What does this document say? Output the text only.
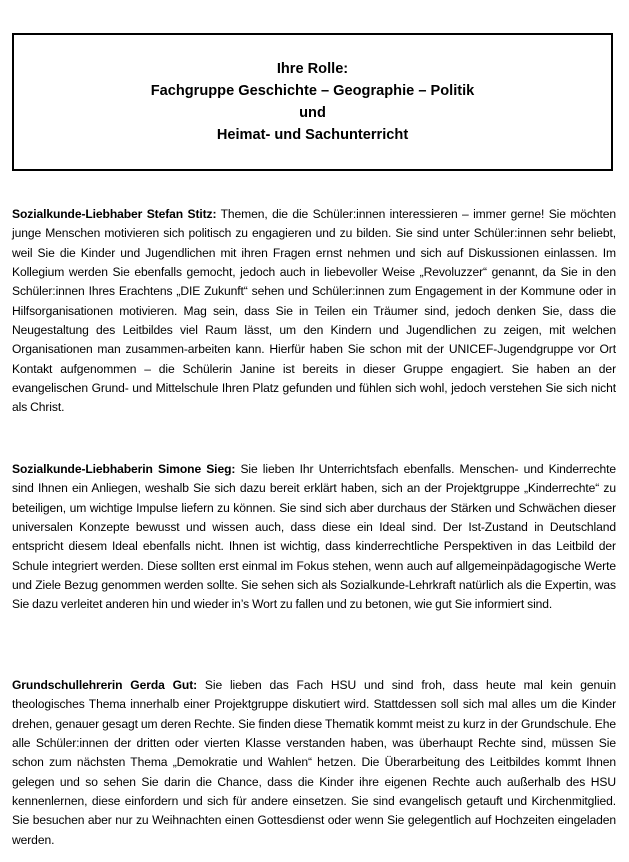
Ihre Rolle:
Fachgruppe Geschichte – Geographie – Politik
und
Heimat- und Sachunterricht
Sozialkunde-Liebhaber Stefan Stitz: Themen, die die Schüler:innen interessieren – immer gerne! Sie möchten junge Menschen motivieren sich politisch zu engagieren und zu bilden. Sie sind unter Schüler:innen sehr beliebt, weil Sie die Kinder und Jugendlichen mit ihren Fragen ernst nehmen und sich auf Diskussionen einlassen. Im Kollegium werden Sie ebenfalls gemocht, jedoch auch in liebevoller Weise „Revoluzzer“ genannt, da Sie in den Schüler:innen Ihres Erachtens „DIE Zukunft“ sehen und Schüler:innen zum Engagement in der Kommune oder in Hilfsorganisationen motivieren. Mag sein, dass Sie in Teilen ein Träumer sind, jedoch denken Sie, dass die Neugestaltung des Leitbildes viel Raum lässt, um den Kindern und Jugendlichen zu zeigen, mit welchen Organisationen man zusammen-arbeiten kann. Hierfür haben Sie schon mit der UNICEF-Jugendgruppe vor Ort Kontakt aufgenommen – die Schülerin Janine ist bereits in dieser Gruppe engagiert. Sie haben an der evangelischen Grund- und Mittelschule Ihren Platz gefunden und fühlen sich wohl, jedoch verstehen Sie sich nicht als Christ.
Sozialkunde-Liebhaberin Simone Sieg: Sie lieben Ihr Unterrichtsfach ebenfalls. Menschen- und Kinderrechte sind Ihnen ein Anliegen, weshalb Sie sich dazu bereit erklärt haben, sich an der Projektgruppe „Kinderrechte“ zu beteiligen, um wichtige Impulse liefern zu können. Sie sind sich aber durchaus der Stärken und Schwächen dieser universalen Konzepte bewusst und wissen auch, dass diese ein Ideal sind. Der Ist-Zustand in Deutschland entspricht diesem Ideal ebenfalls nicht. Ihnen ist wichtig, dass kinderrechtliche Perspektiven in das Leitbild der Schule integriert werden. Diese sollten erst einmal im Fokus stehen, wenn auch auf allgemeinpädagogische Werte und Ziele Bezug genommen werden sollte. Sie sehen sich als Sozialkunde-Lehrkraft natürlich als die Expertin, was Sie dazu verleitet anderen hin und wieder in’s Wort zu fallen und zu betonen, wie gut Sie informiert sind.
Grundschullehrerin Gerda Gut: Sie lieben das Fach HSU und sind froh, dass heute mal kein genuin theologisches Thema innerhalb einer Projektgruppe diskutiert wird. Stattdessen soll sich mal alles um die Kinder drehen, genauer gesagt um deren Rechte. Sie finden diese Thematik kommt meist zu kurz in der Grundschule. Ehe alle Schüler:innen der dritten oder vierten Klasse verstanden haben, was überhaupt Rechte sind, müssen Sie schon zum nächsten Thema „Demokratie und Wahlen“ hetzen. Die Überarbeitung des Leitbildes kommt Ihnen gelegen und so sehen Sie darin die Chance, dass die Kinder ihre eigenen Rechte auch außerhalb des HSU kennenlernen, diese einfordern und sich für andere einsetzen. Sie sind evangelisch getauft und Kirchenmitglied. Sie besuchen aber nur zu Weihnachten einen Gottesdienst oder wenn Sie gelegentlich auf Hochzeiten eingeladen werden.
